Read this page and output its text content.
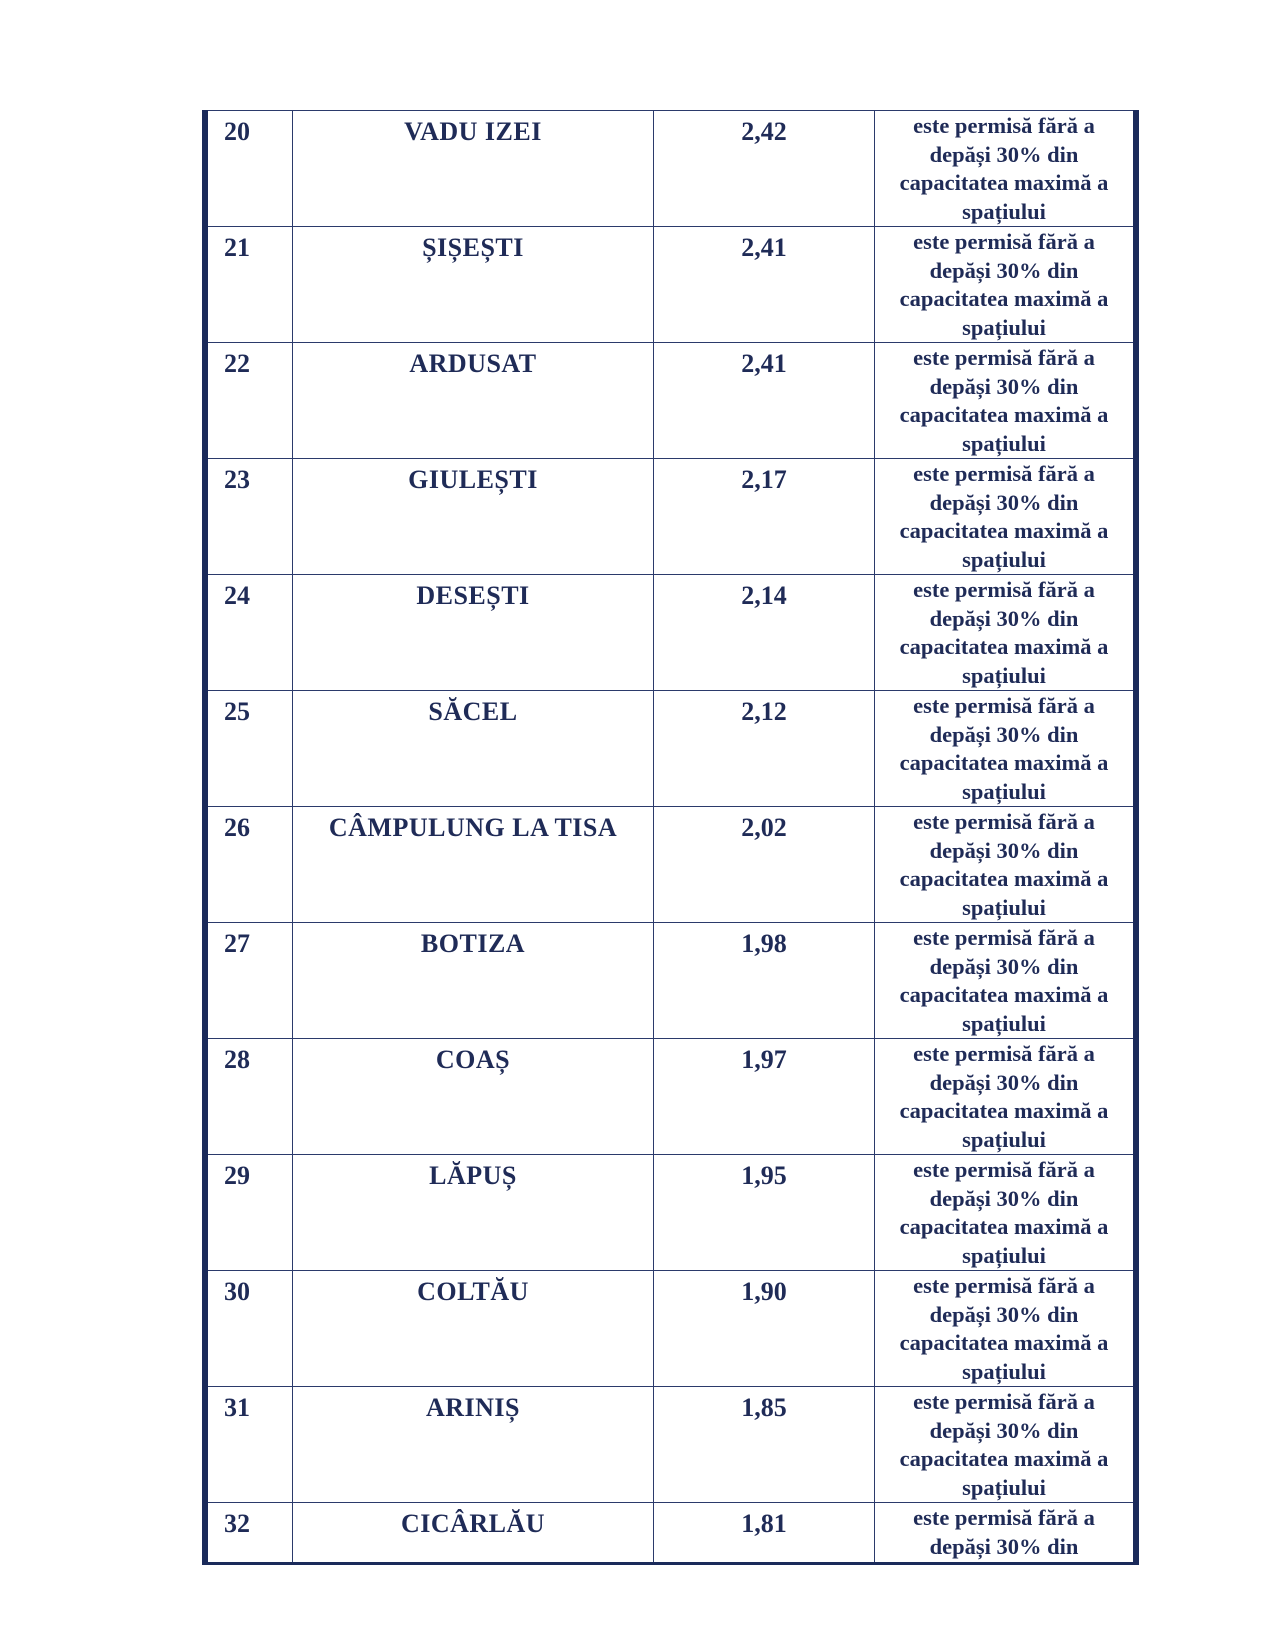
20	VADU IZEI	2,42	este permisă fără a depăși 30% din capacitatea maximă a spațiului

21	ȘIȘEȘTI	2,41	este permisă fără a depăși 30% din capacitatea maximă a spațiului

22	ARDUSAT	2,41	este permisă fără a depăși 30% din capacitatea maximă a spațiului

23	GIULEȘTI	2,17	este permisă fără a depăși 30% din capacitatea maximă a spațiului

24	DESEȘTI	2,14	este permisă fără a depăși 30% din capacitatea maximă a spațiului

25	SĂCEL	2,12	este permisă fără a depăși 30% din capacitatea maximă a spațiului

26	CÂMPULUNG LA TISA	2,02	este permisă fără a depăși 30% din capacitatea maximă a spațiului

27	BOTIZA	1,98	este permisă fără a depăși 30% din capacitatea maximă a spațiului

28	COAȘ	1,97	este permisă fără a depăși 30% din capacitatea maximă a spațiului

29	LĂPUȘ	1,95	este permisă fără a depăși 30% din capacitatea maximă a spațiului

30	COLTĂU	1,90	este permisă fără a depăși 30% din capacitatea maximă a spațiului

31	ARINIȘ	1,85	este permisă fără a depăși 30% din capacitatea maximă a spațiului

32	CICÂRLĂU	1,81	este permisă fără a depăși 30% din
